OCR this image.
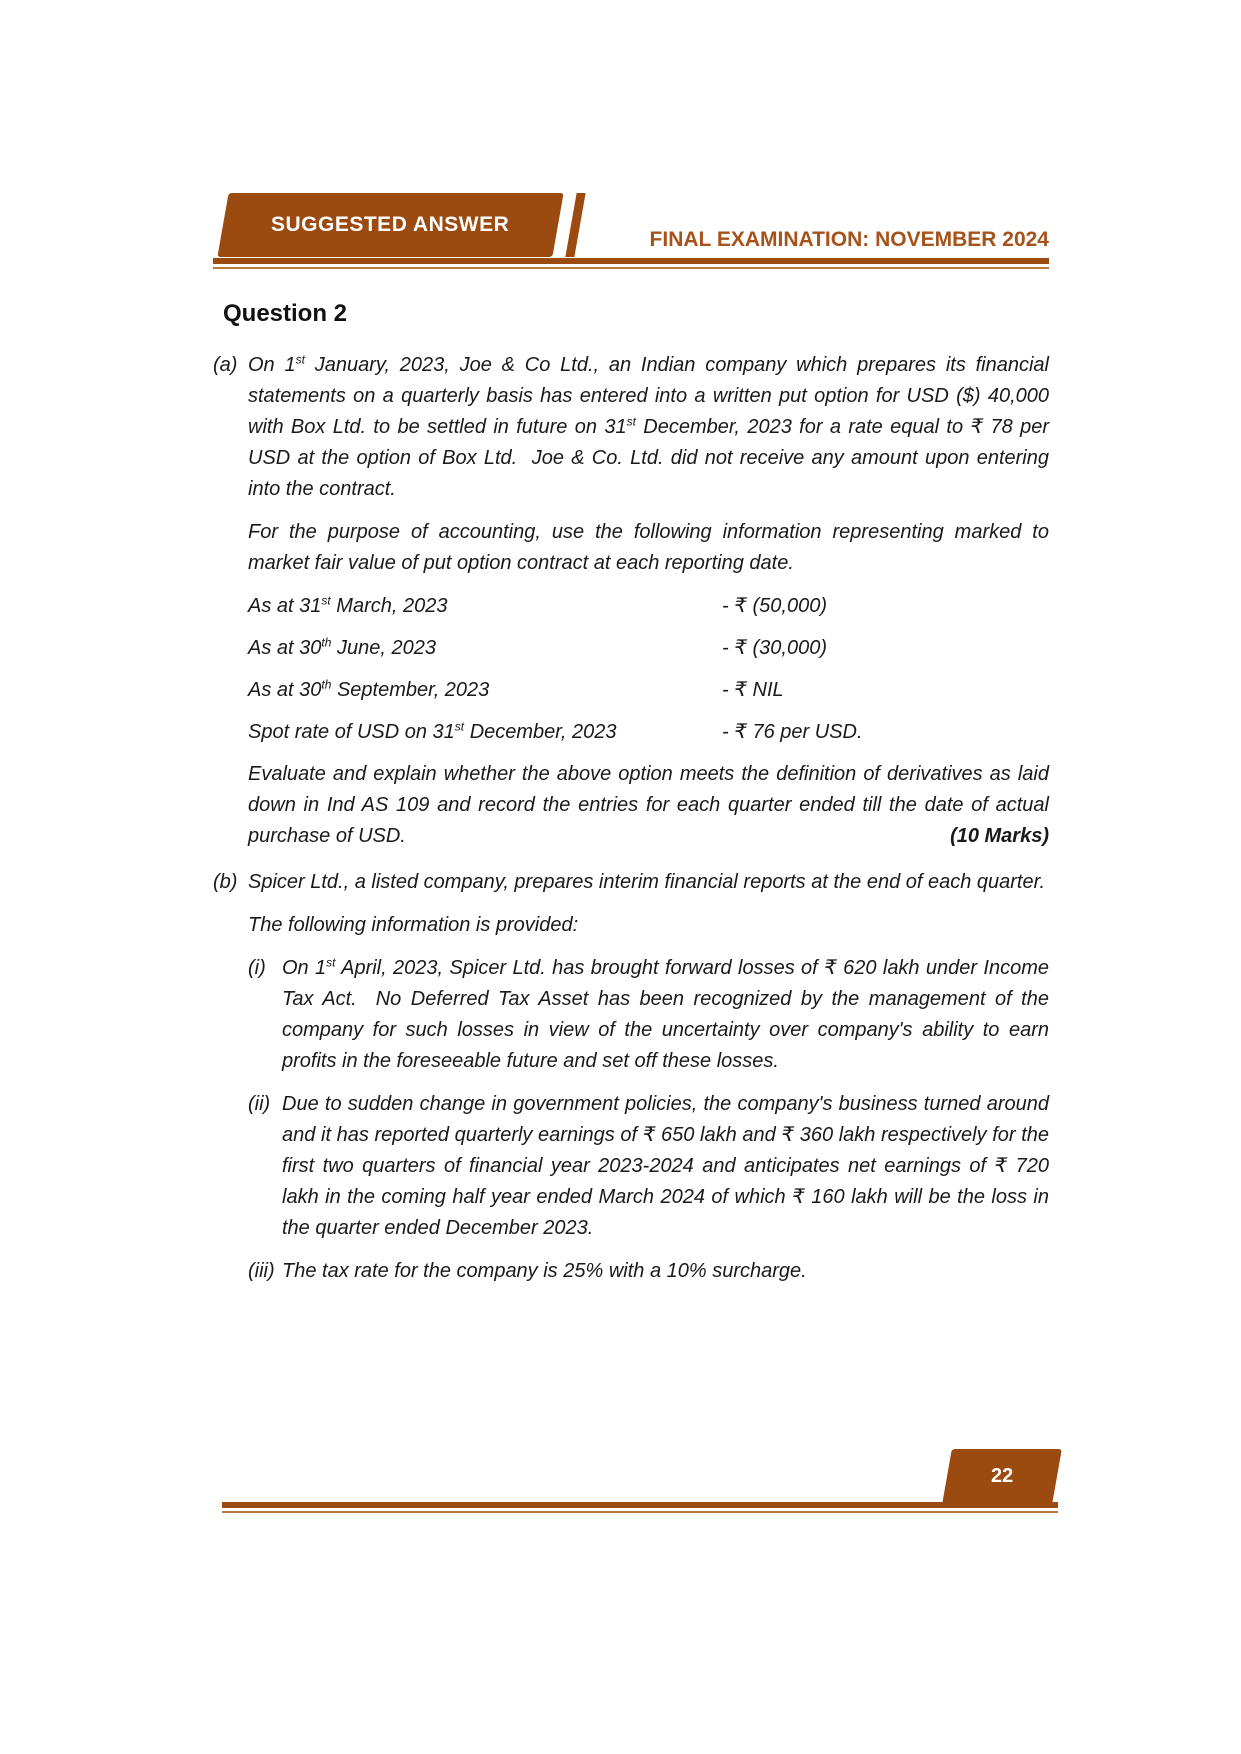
SUGGESTED ANSWER
FINAL EXAMINATION: NOVEMBER 2024
Question 2
(a) On 1st January, 2023, Joe & Co Ltd., an Indian company which prepares its financial statements on a quarterly basis has entered into a written put option for USD ($) 40,000 with Box Ltd. to be settled in future on 31st December, 2023 for a rate equal to ₹ 78 per USD at the option of Box Ltd.  Joe & Co. Ltd. did not receive any amount upon entering into the contract.

For the purpose of accounting, use the following information representing marked to market fair value of put option contract at each reporting date.

As at 31st March, 2023	- ₹ (50,000)
As at 30th June, 2023	- ₹ (30,000)
As at 30th September, 2023	- ₹ NIL
Spot rate of USD on 31st December, 2023	- ₹ 76 per USD.

Evaluate and explain whether the above option meets the definition of derivatives as laid down in Ind AS 109 and record the entries for each quarter ended till the date of actual purchase of USD.	(10 Marks)

(b) Spicer Ltd., a listed company, prepares interim financial reports at the end of each quarter.

The following information is provided:

(i) On 1st April, 2023, Spicer Ltd. has brought forward losses of ₹ 620 lakh under Income Tax Act.  No Deferred Tax Asset has been recognized by the management of the company for such losses in view of the uncertainty over company's ability to earn profits in the foreseeable future and set off these losses.

(ii) Due to sudden change in government policies, the company's business turned around and it has reported quarterly earnings of ₹ 650 lakh and ₹ 360 lakh respectively for the first two quarters of financial year 2023-2024 and anticipates net earnings of ₹ 720 lakh in the coming half year ended March 2024 of which ₹ 160 lakh will be the loss in the quarter ended December 2023.

(iii) The tax rate for the company is 25% with a 10% surcharge.

22
